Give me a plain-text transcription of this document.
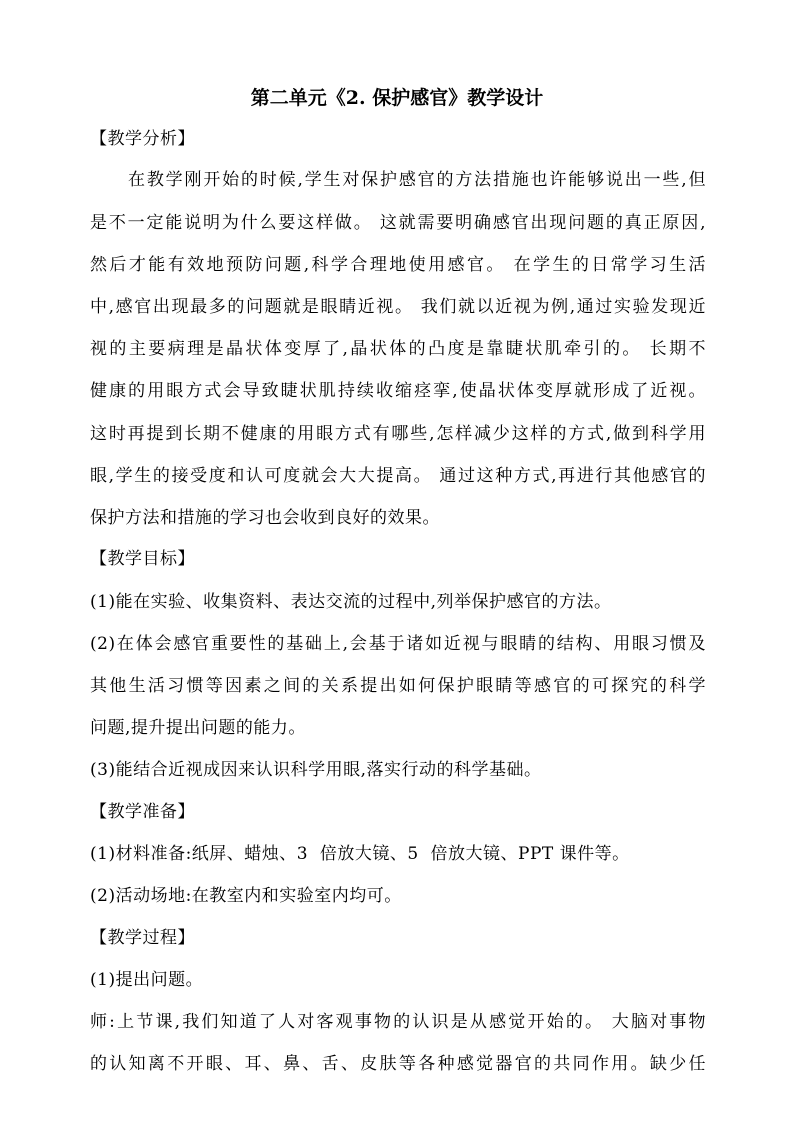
第二单元《2. 保护感官》教学设计
【教学分析】
在教学刚开始的时候,学生对保护感官的方法措施也许能够说出一些,但
是不一定能说明为什么要这样做。 这就需要明确感官出现问题的真正原因,
然后才能有效地预防问题,科学合理地使用感官。 在学生的日常学习生活
中,感官出现最多的问题就是眼睛近视。 我们就以近视为例,通过实验发现近
视的主要病理是晶状体变厚了,晶状体的凸度是靠睫状肌牵引的。 长期不
健康的用眼方式会导致睫状肌持续收缩痉挛,使晶状体变厚就形成了近视。
这时再提到长期不健康的用眼方式有哪些,怎样减少这样的方式,做到科学用
眼,学生的接受度和认可度就会大大提高。 通过这种方式,再进行其他感官的
保护方法和措施的学习也会收到良好的效果。
【教学目标】
(1)能在实验、收集资料、表达交流的过程中,列举保护感官的方法。
(2)在体会感官重要性的基础上,会基于诸如近视与眼睛的结构、用眼习惯及
其他生活习惯等因素之间的关系提出如何保护眼睛等感官的可探究的科学
问题,提升提出问题的能力。
(3)能结合近视成因来认识科学用眼,落实行动的科学基础。
【教学准备】
(1)材料准备:纸屏、蜡烛、3  倍放大镜、5  倍放大镜、PPT 课件等。
(2)活动场地:在教室内和实验室内均可。
【教学过程】
(1)提出问题。
师:上节课,我们知道了人对客观事物的认识是从感觉开始的。 大脑对事物
的认知离不开眼、耳、鼻、舌、皮肤等各种感觉器官的共同作用。缺少任
